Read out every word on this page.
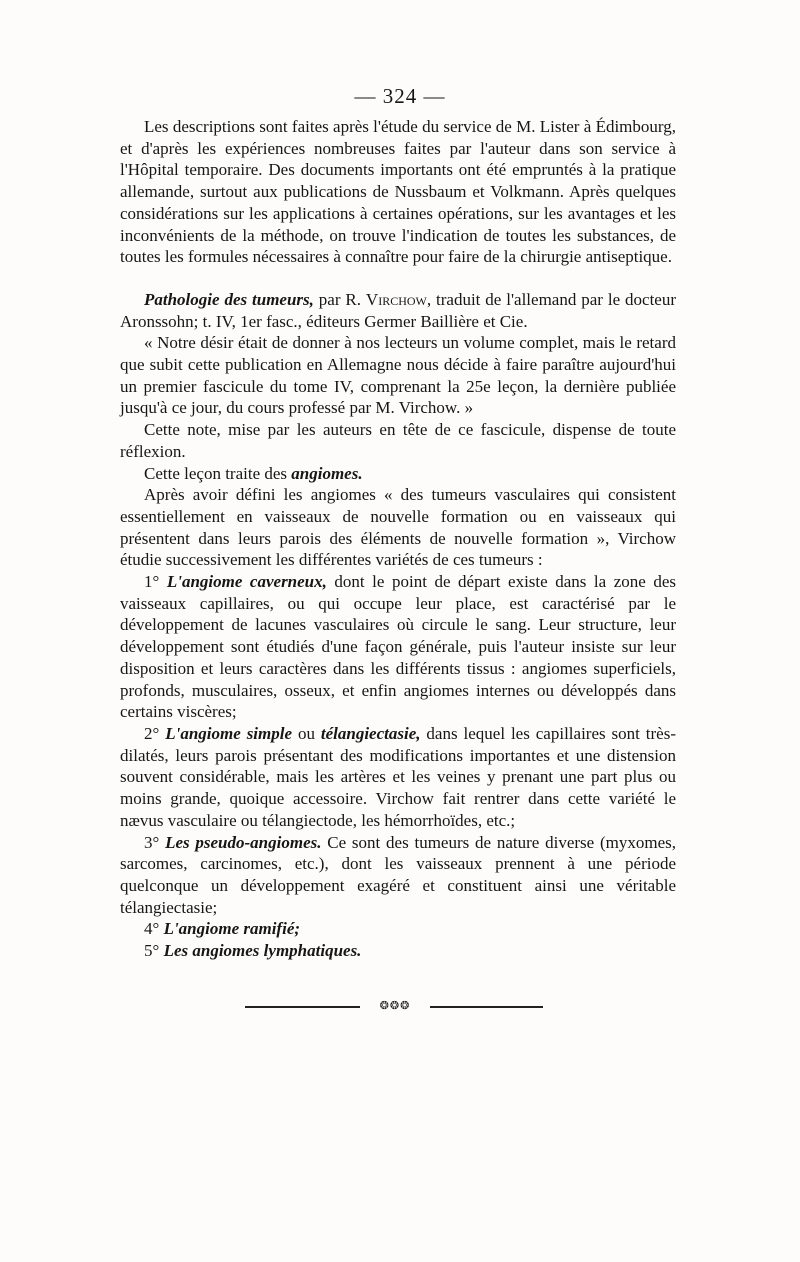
— 324 —

Les descriptions sont faites après l'étude du service de M. Lister à Édimbourg, et d'après les expériences nombreuses faites par l'auteur dans son service à l'Hôpital temporaire. Des documents importants ont été empruntés à la pratique allemande, surtout aux publications de Nussbaum et Volkmann. Après quelques considérations sur les applications à certaines opérations, sur les avantages et les inconvénients de la méthode, on trouve l'indication de toutes les substances, de toutes les formules nécessaires à connaître pour faire de la chirurgie antiseptique.

Pathologie des tumeurs, par R. Virchow, traduit de l'allemand par le docteur Aronssohn; t. IV, 1er fasc., éditeurs Germer Baillière et Cie.

« Notre désir était de donner à nos lecteurs un volume complet, mais le retard que subit cette publication en Allemagne nous décide à faire paraître aujourd'hui un premier fascicule du tome IV, comprenant la 25e leçon, la dernière publiée jusqu'à ce jour, du cours professé par M. Virchow. »

Cette note, mise par les auteurs en tête de ce fascicule, dispense de toute réflexion.

Cette leçon traite des angiomes.

Après avoir défini les angiomes « des tumeurs vasculaires qui consistent essentiellement en vaisseaux de nouvelle formation ou en vaisseaux qui présentent dans leurs parois des éléments de nouvelle formation », Virchow étudie successivement les différentes variétés de ces tumeurs :

1° L'angiome caverneux, dont le point de départ existe dans la zone des vaisseaux capillaires, ou qui occupe leur place, est caractérisé par le développement de lacunes vasculaires où circule le sang. Leur structure, leur développement sont étudiés d'une façon générale, puis l'auteur insiste sur leur disposition et leurs caractères dans les différents tissus : angiomes superficiels, profonds, musculaires, osseux, et enfin angiomes internes ou développés dans certains viscères;

2° L'angiome simple ou télangiectasie, dans lequel les capillaires sont très-dilatés, leurs parois présentant des modifications importantes et une distension souvent considérable, mais les artères et les veines y prenant une part plus ou moins grande, quoique accessoire. Virchow fait rentrer dans cette variété le nævus vasculaire ou télangiectode, les hémorrhoïdes, etc.;

3° Les pseudo-angiomes. Ce sont des tumeurs de nature diverse (myxomes, sarcomes, carcinomes, etc.), dont les vaisseaux prennent à une période quelconque un développement exagéré et constituent ainsi une véritable télangiectasie;

4° L'angiome ramifié;

5° Les angiomes lymphatiques.

❂❂❂
